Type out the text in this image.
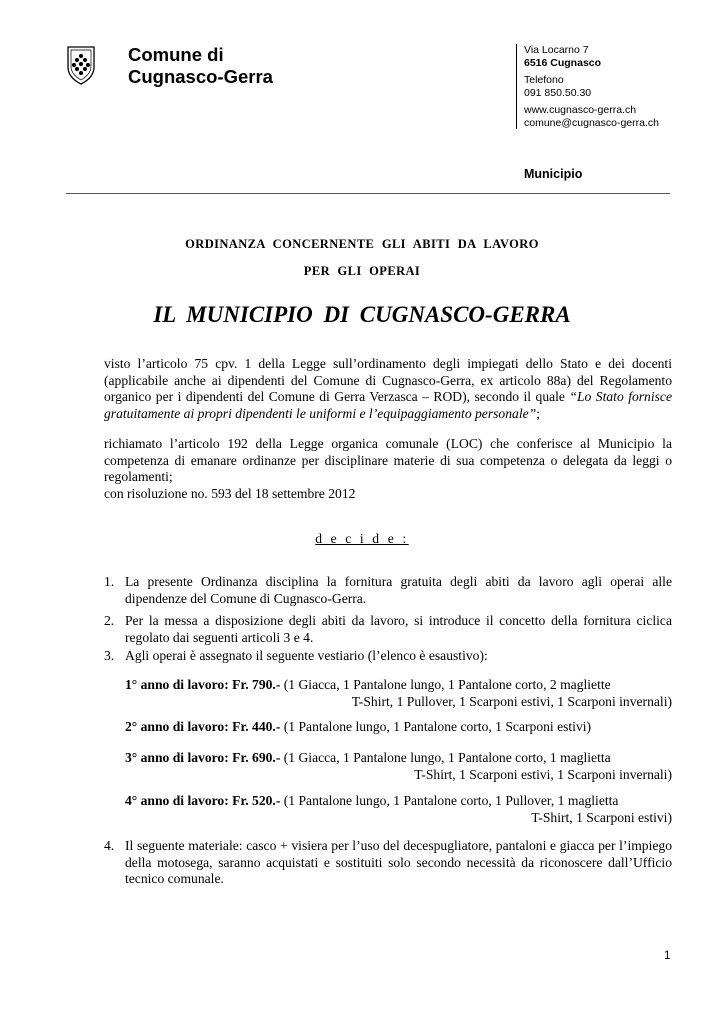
Comune di
Cugnasco-Gerra
Via Locarno 7
6516 Cugnasco
Telefono
091 850.50.30
www.cugnasco-gerra.ch
comune@cugnasco-gerra.ch
Municipio
ORDINANZA CONCERNENTE GLI ABITI DA LAVORO
PER GLI OPERAI
IL MUNICIPIO DI CUGNASCO-GERRA
visto l’articolo 75 cpv. 1 della Legge sull’ordinamento degli impiegati dello Stato e dei docenti (applicabile anche ai dipendenti del Comune di Cugnasco-Gerra, ex articolo 88a) del Regolamento organico per i dipendenti del Comune di Gerra Verzasca – ROD), secondo il quale “Lo Stato fornisce gratuitamente ai propri dipendenti le uniformi e l’equipaggiamento personale”;
richiamato l’articolo 192 della Legge organica comunale (LOC) che conferisce al Municipio la competenza di emanare ordinanze per disciplinare materie di sua competenza o delegata da leggi o regolamenti;
con risoluzione no. 593 del 18 settembre 2012
d e c i d e :
1. La presente Ordinanza disciplina la fornitura gratuita degli abiti da lavoro agli operai alle dipendenze del Comune di Cugnasco-Gerra.
2. Per la messa a disposizione degli abiti da lavoro, si introduce il concetto della fornitura ciclica regolato dai seguenti articoli 3 e 4.
3. Agli operai è assegnato il seguente vestiario (l’elenco è esaustivo):
1° anno di lavoro: Fr. 790.- (1 Giacca, 1 Pantalone lungo, 1 Pantalone corto, 2 magliette
T-Shirt, 1 Pullover, 1 Scarponi estivi, 1 Scarponi invernali)
2° anno di lavoro: Fr. 440.- (1 Pantalone lungo, 1 Pantalone corto, 1 Scarponi estivi)
3° anno di lavoro: Fr. 690.- (1 Giacca, 1 Pantalone lungo, 1 Pantalone corto, 1 maglietta
T-Shirt, 1 Scarponi estivi, 1 Scarponi invernali)
4° anno di lavoro: Fr. 520.- (1 Pantalone lungo, 1 Pantalone corto, 1 Pullover, 1 maglietta
T-Shirt, 1 Scarponi estivi)
4. Il seguente materiale: casco + visiera per l’uso del decespugliatore, pantaloni e giacca per l’impiego della motosega, saranno acquistati e sostituiti solo secondo necessità da riconoscere dall’Ufficio tecnico comunale.
1
